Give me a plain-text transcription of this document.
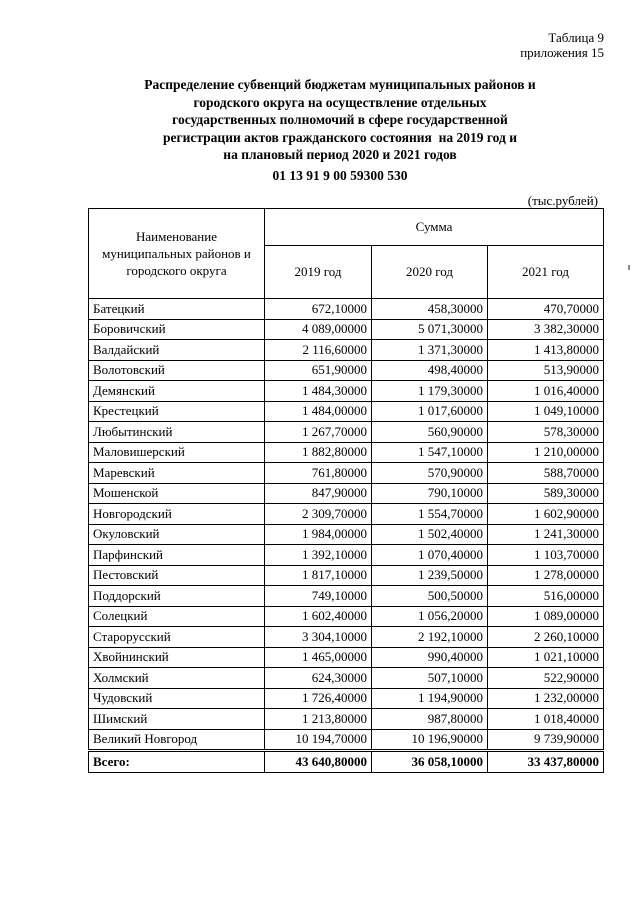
Таблица 9
приложения 15
Распределение субвенций бюджетам муниципальных районов и
городского округа на осуществление отдельных
государственных полномочий в сфере государственной
регистрации актов гражданского состояния  на 2019 год и
на плановый период 2020 и 2021 годов
01 13 91 9 00 59300 530
(тыс.рублей)
Наименование муниципальных районов и городского округа	Сумма		
	2019 год	2020 год	2021 год
Батецкий	672,10000	458,30000	470,70000
Боровичский	4 089,00000	5 071,30000	3 382,30000
Валдайский	2 116,60000	1 371,30000	1 413,80000
Волотовский	651,90000	498,40000	513,90000
Демянский	1 484,30000	1 179,30000	1 016,40000
Крестецкий	1 484,00000	1 017,60000	1 049,10000
Любытинский	1 267,70000	560,90000	578,30000
Маловишерский	1 882,80000	1 547,10000	1 210,00000
Маревский	761,80000	570,90000	588,70000
Мошенской	847,90000	790,10000	589,30000
Новгородский	2 309,70000	1 554,70000	1 602,90000
Окуловский	1 984,00000	1 502,40000	1 241,30000
Парфинский	1 392,10000	1 070,40000	1 103,70000
Пестовский	1 817,10000	1 239,50000	1 278,00000
Поддорский	749,10000	500,50000	516,00000
Солецкий	1 602,40000	1 056,20000	1 089,00000
Старорусский	3 304,10000	2 192,10000	2 260,10000
Хвойнинский	1 465,00000	990,40000	1 021,10000
Холмский	624,30000	507,10000	522,90000
Чудовский	1 726,40000	1 194,90000	1 232,00000
Шимский	1 213,80000	987,80000	1 018,40000
Великий Новгород	10 194,70000	10 196,90000	9 739,90000
Всего:	43 640,80000	36 058,10000	33 437,80000
